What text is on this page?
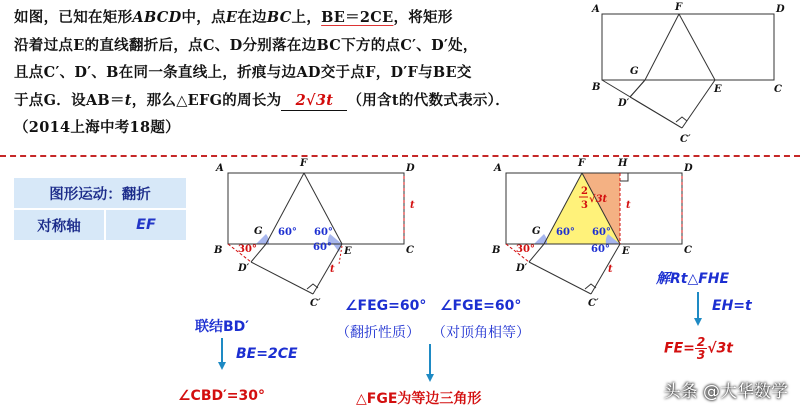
如图，已知在矩形ABCD中，点E在边BC上，BE＝2CE，将矩形
沿着过点E的直线翻折后，点C、D分别落在边BC下方的点C′、D′处，
且点C′、D′、B在同一条直线上，折痕与边AD交于点F，D′F与BE交
于点G．设AB＝t，那么△EFG的周长为 2√3t （用含t的代数式表示）．
（2014上海中考18题）
A	F	D
B
G
E	C
D′
C′
图形运动：翻折
对称轴	EF
A	F	D
B
G
E	C
D′
C′
60° 60°
60°
30°
t
t
A	F	H	D
B
G
E	C
D′
C′
60° 60°
60°
30°
t
t
2
3
√3t
联结BD′
BE=2CE
∠CBD′=30°
∠FEG=60° ∠FGE=60°
（翻折性质） （对顶角相等）
△FGE为等边三角形
解Rt△FHE
EH=t
$FE= \frac{2}{3}√3t$
头条 @大华数学
